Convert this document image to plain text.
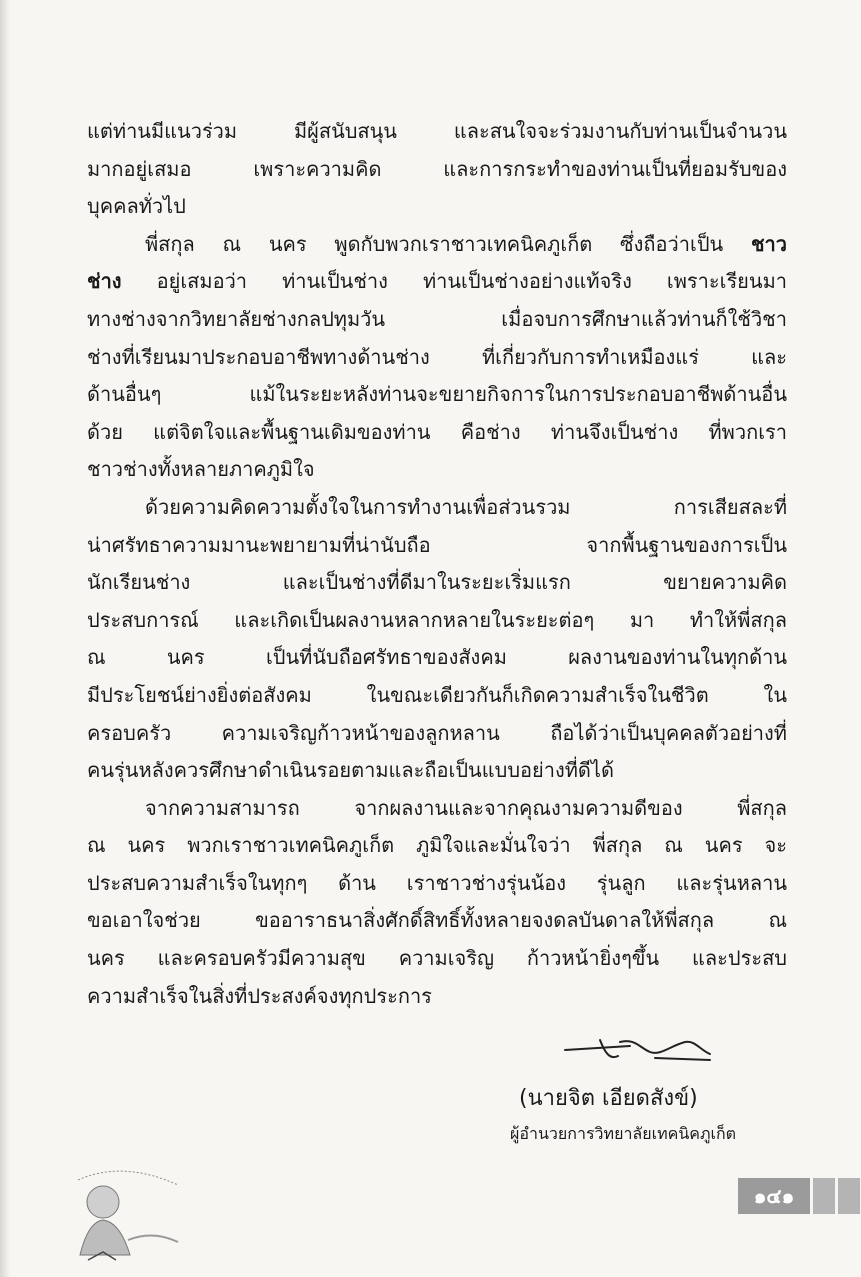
แต่ท่านมีแนวร่วม มีผู้สนับสนุน และสนใจจะร่วมงานกับท่านเป็นจำนวน
มากอยู่เสมอ เพราะความคิด และการกระทำของท่านเป็นที่ยอมรับของ
บุคคลทั่วไป
พี่สกุล ณ นคร พูดกับพวกเราชาวเทคนิคภูเก็ต ซึ่งถือว่าเป็น ชาว
ช่าง อยู่เสมอว่า ท่านเป็นช่าง ท่านเป็นช่างอย่างแท้จริง เพราะเรียนมา
ทางช่างจากวิทยาลัยช่างกลปทุมวัน เมื่อจบการศึกษาแล้วท่านก็ใช้วิชา
ช่างที่เรียนมาประกอบอาชีพทางด้านช่าง ที่เกี่ยวกับการทำเหมืองแร่ และ
ด้านอื่นๆ แม้ในระยะหลังท่านจะขยายกิจการในการประกอบอาชีพด้านอื่น
ด้วย แต่จิตใจและพื้นฐานเดิมของท่าน คือช่าง ท่านจึงเป็นช่าง ที่พวกเรา
ชาวช่างทั้งหลายภาคภูมิใจ
ด้วยความคิดความตั้งใจในการทำงานเพื่อส่วนรวม การเสียสละที่
น่าศรัทธาความมานะพยายามที่น่านับถือ จากพื้นฐานของการเป็น
นักเรียนช่าง และเป็นช่างที่ดีมาในระยะเริ่มแรก ขยายความคิด
ประสบการณ์ และเกิดเป็นผลงานหลากหลายในระยะต่อๆ มา ทำให้พี่สกุล
ณ นคร เป็นที่นับถือศรัทธาของสังคม ผลงานของท่านในทุกด้าน
มีประโยชน์ย่างยิ่งต่อสังคม ในขณะเดียวกันก็เกิดความสำเร็จในชีวิต ใน
ครอบครัว ความเจริญก้าวหน้าของลูกหลาน ถือได้ว่าเป็นบุคคลตัวอย่างที่
คนรุ่นหลังควรศึกษาดำเนินรอยตามและถือเป็นแบบอย่างที่ดีได้
จากความสามารถ จากผลงานและจากคุณงามความดีของ พี่สกุล
ณ นคร พวกเราชาวเทคนิคภูเก็ต ภูมิใจและมั่นใจว่า พี่สกุล ณ นคร จะ
ประสบความสำเร็จในทุกๆ ด้าน เราชาวช่างรุ่นน้อง รุ่นลูก และรุ่นหลาน
ขอเอาใจช่วย ขออาราธนาสิ่งศักดิ์สิทธิ์ทั้งหลายจงดลบันดาลให้พี่สกุล ณ
นคร และครอบครัวมีความสุข ความเจริญ ก้าวหน้ายิ่งๆขึ้น และประสบ
ความสำเร็จในสิ่งที่ประสงค์จงทุกประการ
(นายจิต เอียดสังข์)
ผู้อำนวยการวิทยาลัยเทคนิคภูเก็ต
๑๔๑
